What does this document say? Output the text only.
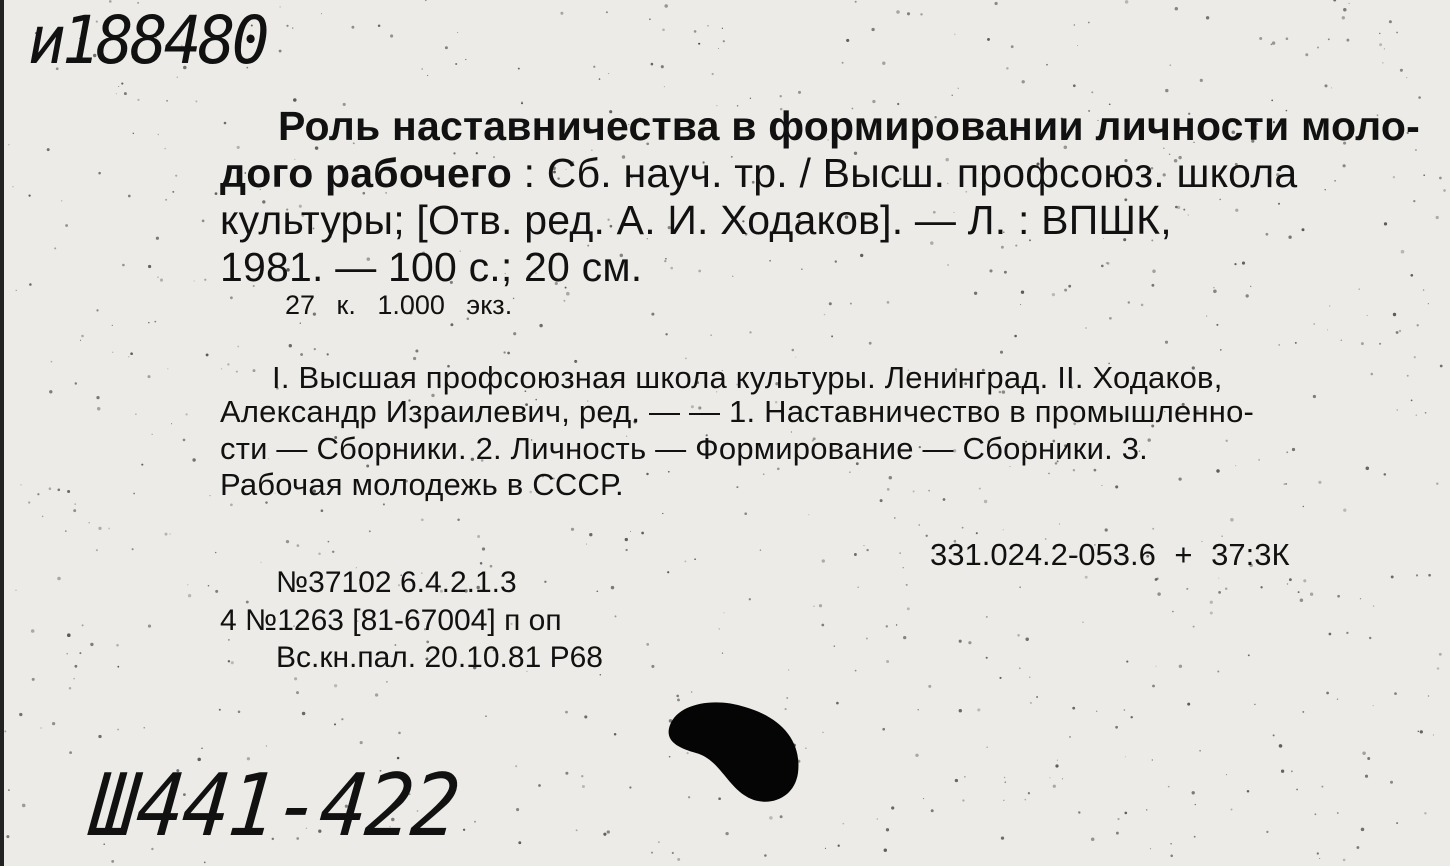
и188480
Роль наставничества в формировании личности моло-
дого рабочего : Сб. науч. тр. / Высш. профсоюз. школа
культуры; [Отв. ред. А. И. Ходаков]. — Л. : ВПШК,
1981. — 100 с.; 20 см.
27 к. 1.000 экз.
I. Высшая профсоюзная школа культуры. Ленинград. II. Ходаков,
Александр Израилевич, ред. — — 1. Наставничество в промышленно-
сти — Сборники. 2. Личность — Формирование — Сборники. 3.
Рабочая молодежь в СССР.
331.024.2-053.6 + 37:3К
№37102 6.4.2.1.3
4 №1263 [81-67004] п оп
Вс.кн.пал. 20.10.81 Р68
Ш441-422
